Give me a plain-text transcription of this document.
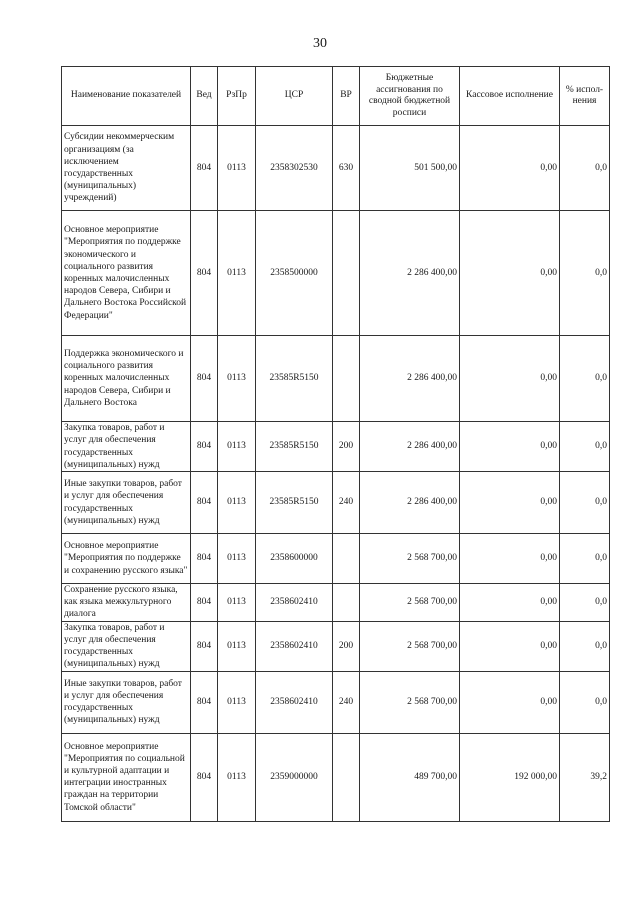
30
Наименование показателей	Вед	РзПр	ЦСР	ВР	Бюджетные ассигнования по сводной бюджетной росписи	Кассовое исполнение	% испол-нения
Субсидии некоммерческим организациям (за исключением государственных (муниципальных) учреждений)	804	0113	2358302530	630	501 500,00	0,00	0,0
Основное мероприятие "Мероприятия по поддержке экономического и социального развития коренных малочисленных народов Севера, Сибири и Дальнего Востока Российской Федерации"	804	0113	2358500000		2 286 400,00	0,00	0,0
Поддержка экономического и социального развития коренных малочисленных народов Севера, Сибири и Дальнего Востока	804	0113	23585R5150		2 286 400,00	0,00	0,0
Закупка товаров, работ и услуг для обеспечения государственных (муниципальных) нужд	804	0113	23585R5150	200	2 286 400,00	0,00	0,0
Иные закупки товаров, работ и услуг для обеспечения государственных (муниципальных) нужд	804	0113	23585R5150	240	2 286 400,00	0,00	0,0
Основное мероприятие "Мероприятия по поддержке и сохранению русского языка"	804	0113	2358600000		2 568 700,00	0,00	0,0
Сохранение русского языка, как языка межкультурного диалога	804	0113	2358602410		2 568 700,00	0,00	0,0
Закупка товаров, работ и услуг для обеспечения государственных (муниципальных) нужд	804	0113	2358602410	200	2 568 700,00	0,00	0,0
Иные закупки товаров, работ и услуг для обеспечения государственных (муниципальных) нужд	804	0113	2358602410	240	2 568 700,00	0,00	0,0
Основное мероприятие "Мероприятия по социальной и культурной адаптации и интеграции иностранных граждан на территории Томской области"	804	0113	2359000000		489 700,00	192 000,00	39,2
